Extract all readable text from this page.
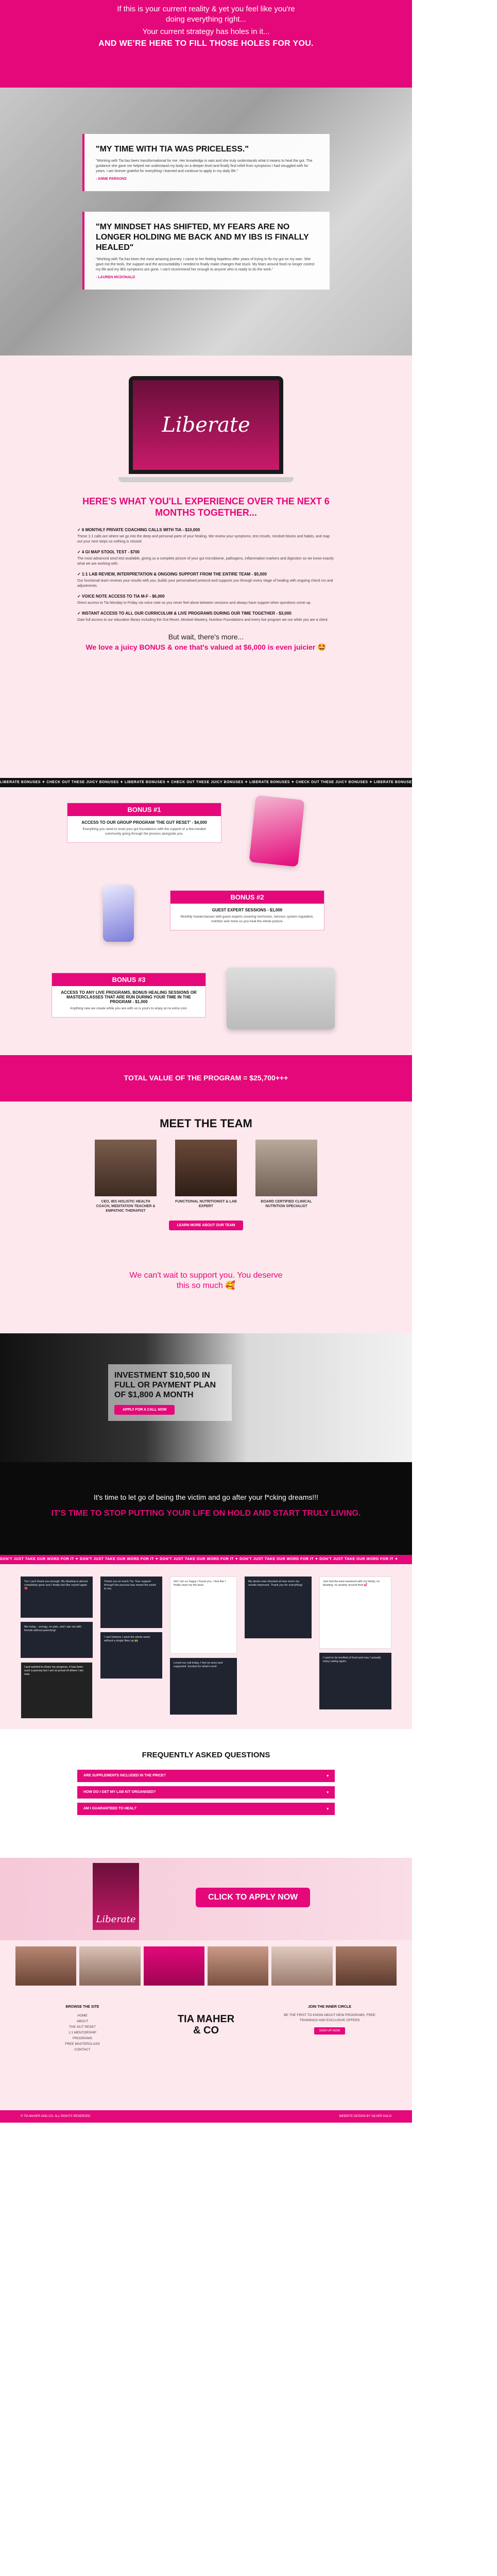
If this is your current reality & yet you feel like you're

doing everything right...

Your current strategy has holes in it...

AND WE'RE HERE TO FILL THOSE HOLES FOR YOU.
"MY TIME WITH TIA WAS PRICELESS."

"Working with Tia has been transformational for me. Her knowledge is vast and she truly understands what it means to heal the gut. The guidance she gave me helped me understand my body on a deeper level and finally find relief from symptoms I had struggled with for years. I am forever grateful for everything I learned and continue to apply in my daily life."

- ANNE PARSONS
"MY MINDSET HAS SHIFTED, MY FEARS ARE NO LONGER HOLDING ME BACK AND MY IBS IS FINALLY HEALED"

"Working with Tia has been the most amazing journey. I came to her feeling hopeless after years of trying to fix my gut on my own. She gave me the tools, the support and the accountability I needed to finally make changes that stuck. My fears around food no longer control my life and my IBS symptoms are gone. I can't recommend her enough to anyone who is ready to do the work."

- LAUREN MCDONALD
Liberate
HERE'S WHAT YOU'LL EXPERIENCE OVER THE NEXT 6 MONTHS TOGETHER...
✓ 6 MONTHLY PRIVATE COACHING CALLS WITH TIA - $10,000

These 1:1 calls are where we go into the deep and personal parts of your healing. We review your symptoms, test results, mindset blocks and habits, and map out your next steps so nothing is missed.

✓ 4 GI MAP STOOL TEST - $700

The most advanced stool test available, giving us a complete picture of your gut microbiome, pathogens, inflammation markers and digestion so we know exactly what we are working with.

✓ 1:1 LAB REVIEW, INTERPRETATION & ONGOING SUPPORT FROM THE ENTIRE TEAM - $5,000

Our functional team reviews your results with you, builds your personalised protocol and supports you through every stage of healing with ongoing check ins and adjustments.

✓ VOICE NOTE ACCESS TO TIA M-F - $6,000

Direct access to Tia Monday to Friday via voice note so you never feel alone between sessions and always have support when questions come up.

✓ INSTANT ACCESS TO ALL OUR CURRICULUM & LIVE PROGRAMS DURING OUR TIME TOGETHER - $3,000

Gain full access to our education library including the Gut Reset, Mindset Mastery, Nutrition Foundations and every live program we run while you are a client.

But wait, there's more...

We love a juicy BONUS & one that's valued at $6,000 is even juicier 🤩

LIBERATE BONUSES ✦ CHECK OUT THESE JUICY BONUSES ✦ LIBERATE BONUSES ✦ CHECK OUT THESE JUICY BONUSES ✦ LIBERATE BONUSES ✦ CHECK OUT THESE JUICY BONUSES ✦ LIBERATE BONUSES ✦ CHECK OUT THESE JUICY BONUSES ✦
BONUS #1
ACCESS TO OUR GROUP PROGRAM 'THE GUT RESET' - $4,000

Everything you need to reset your gut foundations with the support of a like-minded community going through the process alongside you.

BONUS #2
GUEST EXPERT SESSIONS - $1,000

Monthly masterclasses with guest experts covering hormones, nervous system regulation, nutrition and more so you heal the whole picture.

BONUS #3
ACCESS TO ANY LIVE PROGRAMS, BONUS HEALING SESSIONS OR MASTERCLASSES THAT ARE RUN DURING YOUR TIME IN THE PROGRAM - $1,000

Anything new we create while you are with us is yours to enjoy at no extra cost.

TOTAL VALUE OF THE PROGRAM = $25,700+++
MEET THE TEAM

CEO, IBS HOLISTIC HEALTH COACH, MEDITATION TEACHER & EMPATHIC THERAPIST

FUNCTIONAL NUTRITIONIST & LAB EXPERT

BOARD CERTIFIED CLINICAL NUTRITION SPECIALIST

LEARN MORE ABOUT OUR TEAM

We can't wait to support you. You deserve

this so much 🥰

INVESTMENT $10,500 IN FULL OR PAYMENT PLAN OF $1,800 A MONTH
APPLY FOR A CALL NOW

It's time to let go of being the victim and go after your f*cking dreams!!!

IT'S TIME TO STOP PUTTING YOUR LIFE ON HOLD AND START TRULY LIVING.
DON'T JUST TAKE OUR WORD FOR IT ✦ DON'T JUST TAKE OUR WORD FOR IT ✦ DON'T JUST TAKE OUR WORD FOR IT ✦ DON'T JUST TAKE OUR WORD FOR IT ✦ DON'T JUST TAKE OUR WORD FOR IT ✦
Tia I can't thank you enough. My bloating is almost completely gone and I finally feel like myself again ❤️
Me today... energy, no pain, and I ate out with friends without panicking!
I just wanted to share my progress, it has been such a journey but I am so proud of where I am now.
Thank you so much Tia. Your support through this process has meant the world to me.
I can't believe I went the whole week without a single flare up 🙌
Girl I am so happy I found you. I feel like I finally have my life back.
Loved our call today, I feel so seen and supported. Excited for what's next!
My doctor was shocked at how much my results improved. Thank you for everything!
Just had the best weekend with my family, no bloating, no anxiety around food 💕
I used to be terrified of food and now I actually enjoy eating again.
FREQUENTLY ASKED QUESTIONS
ARE SUPPLEMENTS INCLUDED IN THE PRICE?	▾
HOW DO I GET MY LAB KIT ORGANISED?	▾
AM I GUARANTEED TO HEAL?	▾
Liberate
CLICK TO APPLY NOW
BROWSE THE SITE
HOME
ABOUT
THE GUT RESET
1:1 MENTORSHIP
PROGRAMS
FREE MASTERCLASS
CONTACT
TIA MAHER
& CO
JOIN THE INNER CIRCLE

BE THE FIRST TO KNOW ABOUT NEW PROGRAMS, FREE TRAININGS AND EXCLUSIVE OFFERS

SIGN UP NOW
© TIA MAHER AND CO. ALL RIGHTS RESERVED	WEBSITE DESIGN BY SILVER HALO
